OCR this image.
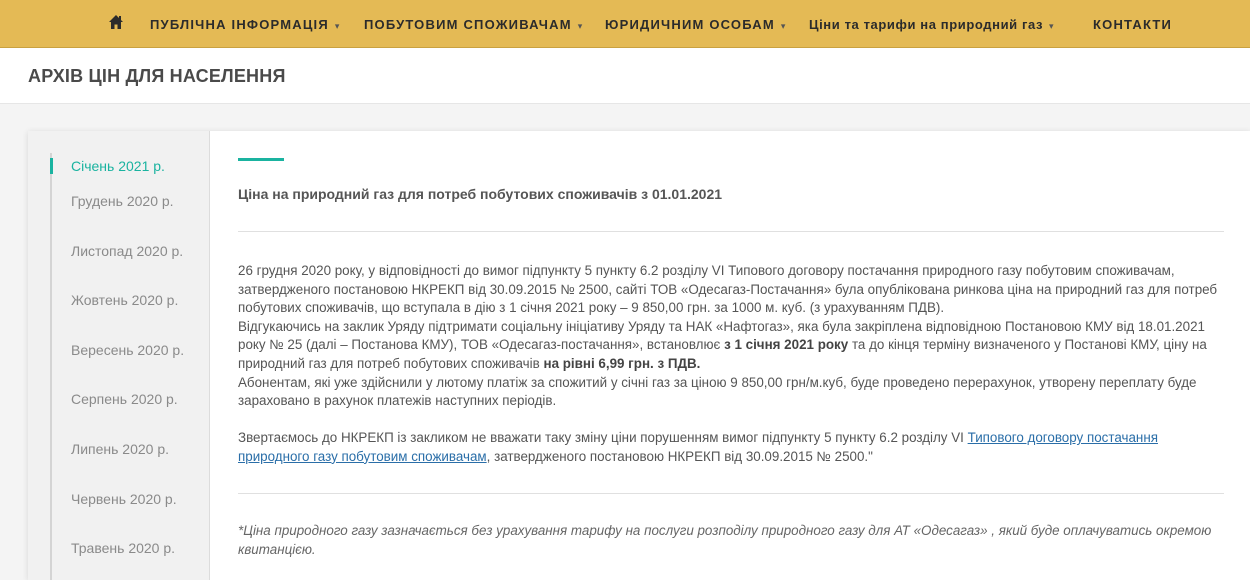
ПУБЛІЧНА ІНФОРМАЦІЯ ▾ ПОБУТОВИМ СПОЖИВАЧАМ ▾ ЮРИДИЧНИМ ОСОБАМ ▾ Ціни та тарифи на природний газ ▾	КОНТАКТИ
АРХІВ ЦІН ДЛЯ НАСЕЛЕННЯ
Січень 2021 р.
Грудень 2020 р.
Листопад 2020 р.
Жовтень 2020 р.
Вересень 2020 р.
Серпень 2020 р.
Липень 2020 р.
Червень 2020 р.
Травень 2020 р.
Ціна на природний газ для потреб побутових споживачів з 01.01.2021
26 грудня 2020 року, у відповідності до вимог підпункту 5 пункту 6.2 розділу VI Типового договору постачання природного газу побутовим споживачам, затвердженого постановою НКРЕКП від 30.09.2015 № 2500, сайті ТОВ «Одесагаз-Постачання» була опублікована ринкова ціна на природний газ для потреб побутових споживачів, що вступала в дію з 1 січня 2021 року – 9 850,00 грн. за 1000 м. куб. (з урахуванням ПДВ).
Відгукаючись на заклик Уряду підтримати соціальну ініціативу Уряду та НАК «Нафтогаз», яка була закріплена відповідною Постановою КМУ від 18.01.2021 року № 25 (далі – Постанова КМУ), ТОВ «Одесагаз-постачання», встановлює з 1 січня 2021 року та до кінця терміну визначеного у Постанові КМУ, ціну на природний газ для потреб побутових споживачів на рівні 6,99 грн. з ПДВ.
Абонентам, які уже здійснили у лютому платіж за спожитий у січні газ за ціною 9 850,00 грн/м.куб, буде проведено перерахунок, утворену переплату буде зараховано в рахунок платежів наступних періодів.
Звертаємось до НКРЕКП із закликом не вважати таку зміну ціни порушенням вимог підпункту 5 пункту 6.2 розділу VI Типового договору постачання природного газу побутовим споживачам, затвердженого постановою НКРЕКП від 30.09.2015 № 2500."
*Ціна природного газу зазначається без урахування тарифу на послуги розподілу природного газу для АТ «Одесагаз» , який буде оплачуватись окремою квитанцією.
